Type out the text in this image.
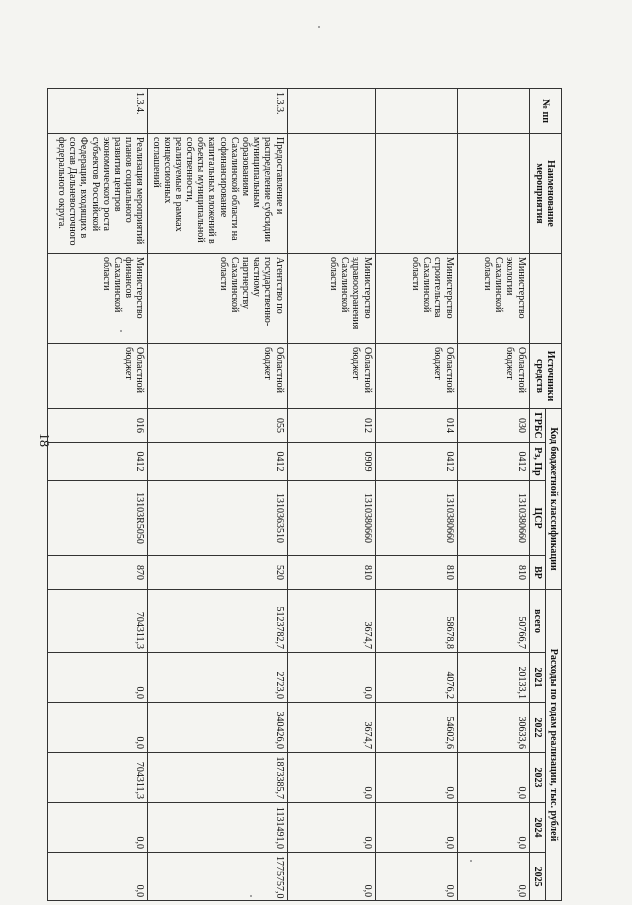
18
№ пп	Наименование мероприятия		Источники средств	Код бюджетной классификации				Расходы по годам реализации, тыс. рублей					
				ГРБС	Рз, Пр	ЦСР	ВР	всего	2021	2022	2023	2024	2025
		Министерство экологии Сахалинской области	Областной бюджет	030	0412	1310380660	810	50766,7	20133,1	30633,6	0,0	0,0	0,0
		Министерство строительства Сахалинской области	Областной бюджет	014	0412	1310380660	810	58678,8	4076,2	54602,6	0,0	0,0	0,0
		Министерство здравоохранения Сахалинской области	Областной бюджет	012	0909	1310380660	810	3674,7	0,0	3674,7	0,0	0,0	0,0
1.3.3.	Предоставление и распределение субсидии муниципальным образованиям Сахалинской области на софинансирование капитальных вложений в объекты муниципальной собственности, реализуемые в рамках концессионных соглашений	Агентство по государственно-частному партнерству Сахалинской области	Областной бюджет	055	0412	1310363510	520	5123782,7	2723,0	340426,0	1873385,7	1131491,0	1775757,0
1.3.4.	Реализация мероприятий планов социального развития центров экономического роста субъектов Российской Федерации, входящих в состав Дальневосточного федерального округа.	Министерство финансов Сахалинской области	Областной бюджет	016	0412	13103R5050	870	704311,3	0,0	0,0	704311,3	0,0	0,0
